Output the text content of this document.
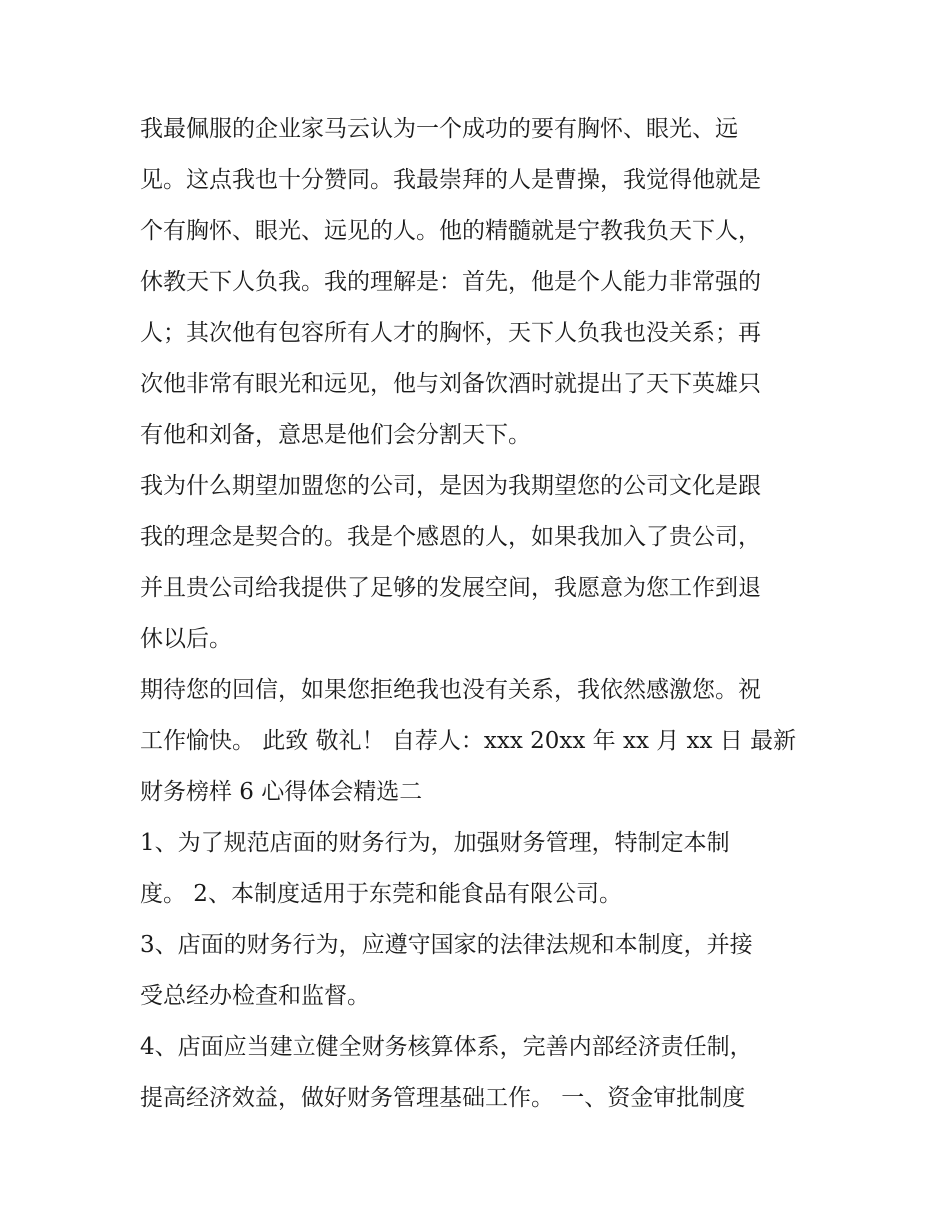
我最佩服的企业家马云认为一个成功的要有胸怀、眼光、远
见。这点我也十分赞同。我最崇拜的人是曹操，我觉得他就是
个有胸怀、眼光、远见的人。他的精髓就是宁教我负天下人，
休教天下人负我。我的理解是：首先，他是个人能力非常强的
人；其次他有包容所有人才的胸怀，天下人负我也没关系；再
次他非常有眼光和远见，他与刘备饮酒时就提出了天下英雄只
有他和刘备，意思是他们会分割天下。
我为什么期望加盟您的公司，是因为我期望您的公司文化是跟
我的理念是契合的。我是个感恩的人，如果我加入了贵公司，
并且贵公司给我提供了足够的发展空间，我愿意为您工作到退
休以后。
期待您的回信，如果您拒绝我也没有关系，我依然感激您。祝
工作愉快。 此致 敬礼！ 自荐人：xxx 20xx 年 xx 月 xx 日 最新
财务榜样 6 心得体会精选二
1、为了规范店面的财务行为，加强财务管理，特制定本制
度。 2、本制度适用于东莞和能食品有限公司。
3、店面的财务行为，应遵守国家的法律法规和本制度，并接
受总经办检查和监督。
4、店面应当建立健全财务核算体系，完善内部经济责任制，
提高经济效益，做好财务管理基础工作。 一、资金审批制度
